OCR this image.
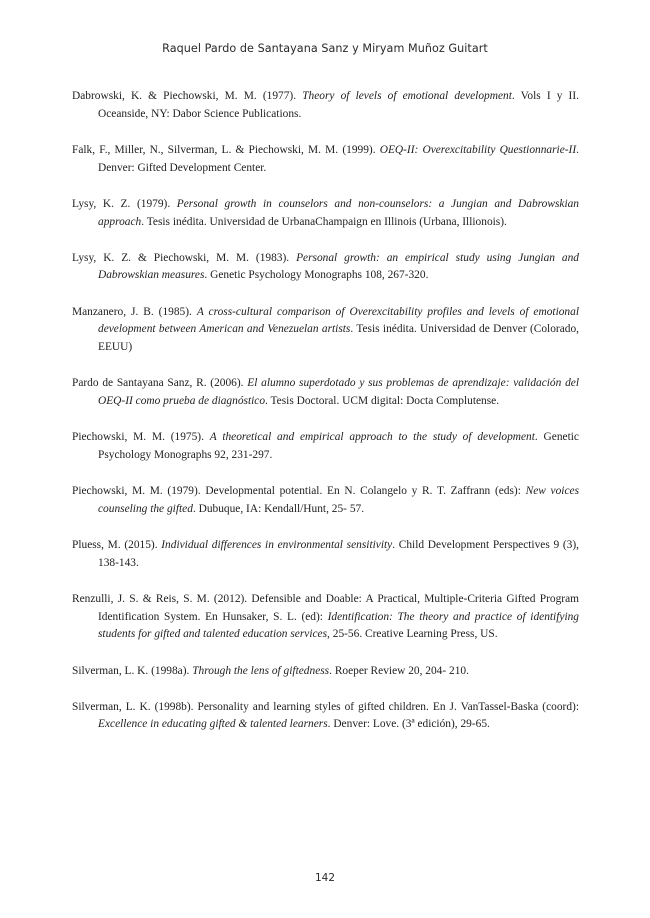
Raquel Pardo de Santayana Sanz y Miryam Muñoz Guitart

Dabrowski, K. & Piechowski, M. M. (1977). Theory of levels of emotional development. Vols I y II. Oceanside, NY: Dabor Science Publications.
Falk, F., Miller, N., Silverman, L. & Piechowski, M. M. (1999). OEQ-II: Overexcitability Questionnarie-II. Denver: Gifted Development Center.
Lysy, K. Z. (1979). Personal growth in counselors and non-counselors: a Jungian and Dabrowskian approach. Tesis inédita. Universidad de UrbanaChampaign en Illinois (Urbana, Illionois).
Lysy, K. Z. & Piechowski, M. M. (1983). Personal growth: an empirical study using Jungian and Dabrowskian measures. Genetic Psychology Monographs 108, 267-320.
Manzanero, J. B. (1985). A cross-cultural comparison of Overexcitability profiles and levels of emotional development between American and Venezuelan artists. Tesis inédita. Universidad de Denver (Colorado, EEUU)
Pardo de Santayana Sanz, R. (2006). El alumno superdotado y sus problemas de aprendizaje: validación del OEQ-II como prueba de diagnóstico. Tesis Doctoral. UCM digital: Docta Complutense.
Piechowski, M. M. (1975). A theoretical and empirical approach to the study of development. Genetic Psychology Monographs 92, 231-297.
Piechowski, M. M. (1979). Developmental potential. En N. Colangelo y R. T. Zaffrann (eds): New voices counseling the gifted. Dubuque, IA: Kendall/Hunt, 25- 57.
Pluess, M. (2015). Individual differences in environmental sensitivity. Child Development Perspectives 9 (3), 138-143.
Renzulli, J. S. & Reis, S. M. (2012). Defensible and Doable: A Practical, Multiple-Criteria Gifted Program Identification System. En Hunsaker, S. L. (ed): Identification: The theory and practice of identifying students for gifted and talented education services, 25-56. Creative Learning Press, US.
Silverman, L. K. (1998a). Through the lens of giftedness. Roeper Review 20, 204- 210.
Silverman, L. K. (1998b). Personality and learning styles of gifted children. En J. VanTassel-Baska (coord): Excellence in educating gifted & talented learners. Denver: Love. (3ª edición), 29-65.

142
